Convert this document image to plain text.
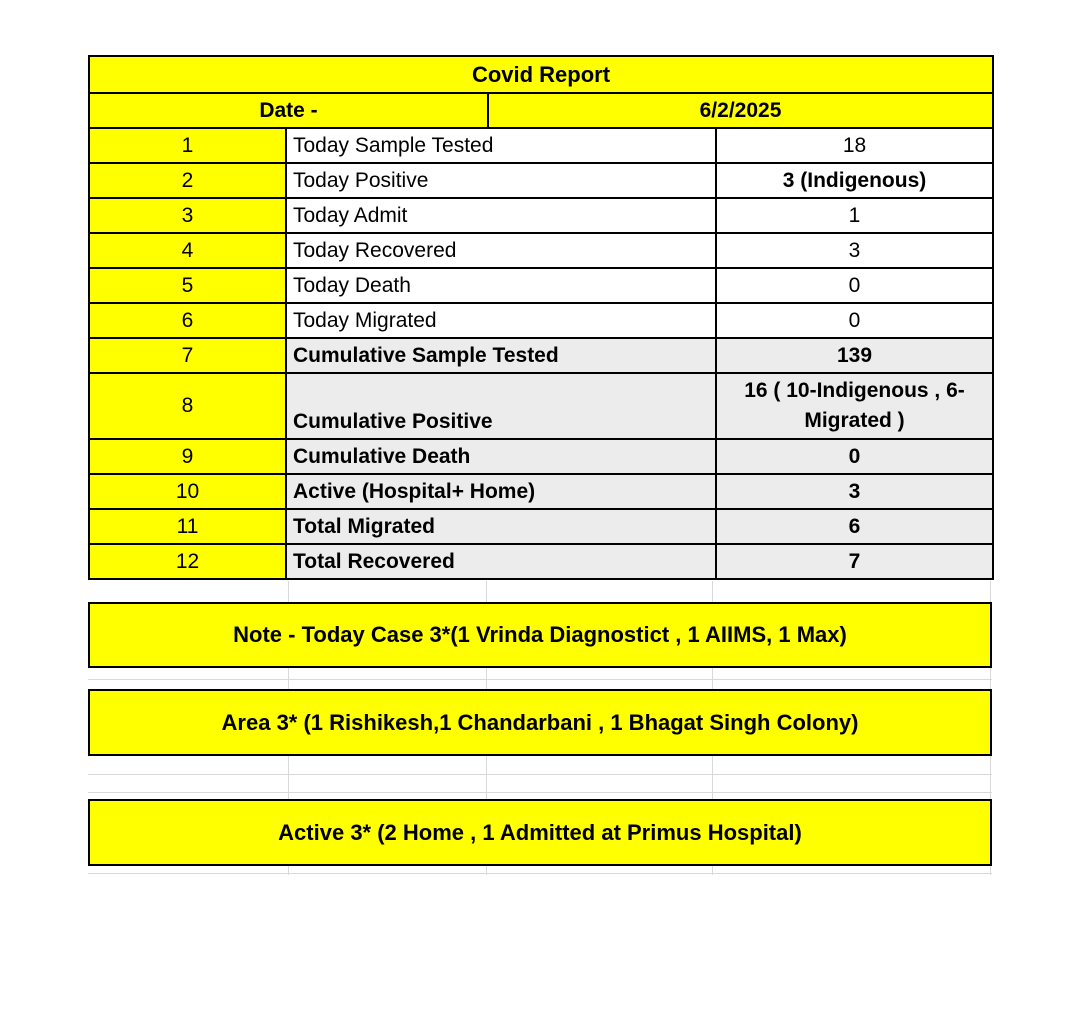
Covid Report			
Date -		6/2/2025	
1	Today Sample Tested		18
2	Today Positive		3 (Indigenous)
3	Today Admit		1
4	Today Recovered		3
5	Today Death		0
6	Today Migrated		0
7	Cumulative Sample Tested		139
8	Cumulative Positive		16 ( 10-Indigenous , 6-Migrated )
9	Cumulative Death		0
10	Active (Hospital+ Home)		3
11	Total Migrated		6
12	Total Recovered		7
Note - Today Case 3*(1 Vrinda Diagnostict , 1 AIIMS, 1 Max)
Area 3* (1 Rishikesh,1 Chandarbani , 1 Bhagat Singh Colony)
Active 3* (2 Home , 1 Admitted at Primus Hospital)
